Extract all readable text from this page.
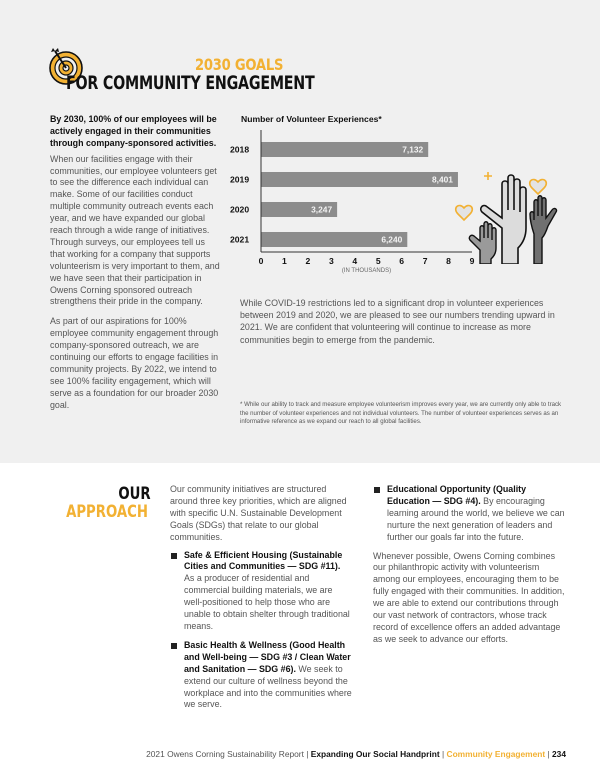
2030 GOALS
FOR COMMUNITY ENGAGEMENT

By 2030, 100% of our employees will be actively engaged in their communities through company-sponsored activities.

When our facilities engage with their communities, our employee volunteers get to see the difference each individual can make. Some of our facilities conduct multiple community outreach events each year, and we have expanded our global reach through a wide range of initiatives. Through surveys, our employees tell us that working for a company that supports volunteerism is very important to them, and we have seen that their participation in Owens Corning sponsored outreach strengthens their pride in the company.

As part of our aspirations for 100% employee community engagement through company-sponsored outreach, we are continuing our efforts to engage facilities in community projects. By 2022, we intend to see 100% facility engagement, which will serve as a foundation for our broader 2030 goal.

Number of Volunteer Experiences*
7,132
2018
8,401
2019
3,247
2020
6,240
2021
0 1 2 3 4 5 6 7 8 9
(IN THOUSANDS)

While COVID-19 restrictions led to a significant drop in volunteer experiences between 2019 and 2020, we are pleased to see our numbers trending upward in 2021. We are confident that volunteering will continue to increase as more communities begin to emerge from the pandemic.

* While our ability to track and measure employee volunteerism improves every year, we are currently only able to track the number of volunteer experiences and not individual volunteers. The number of volunteer experiences serves as an informative reference as we expand our reach to all global facilities.

OUR
APPROACH

Our community initiatives are structured around three key priorities, which are aligned with specific U.N. Sustainable Development Goals (SDGs) that relate to our global communities.

Safe & Efficient Housing (Sustainable Cities and Communities — SDG #11). As a producer of residential and commercial building materials, we are well-positioned to help those who are unable to obtain shelter through traditional means.
Basic Health & Wellness (Good Health and Well-being — SDG #3 / Clean Water and Sanitation — SDG #6). We seek to extend our culture of wellness beyond the workplace and into the communities where we serve.
Educational Opportunity (Quality Education — SDG #4). By encouraging learning around the world, we believe we can nurture the next generation of leaders and further our goals far into the future.

Whenever possible, Owens Corning combines our philanthropic activity with volunteerism among our employees, encouraging them to be fully engaged with their communities. In addition, we are able to extend our contributions through our vast network of contractors, whose track record of excellence offers an added advantage as we seek to advance our efforts.

2021 Owens Corning Sustainability Report | Expanding Our Social Handprint | Community Engagement | 234
